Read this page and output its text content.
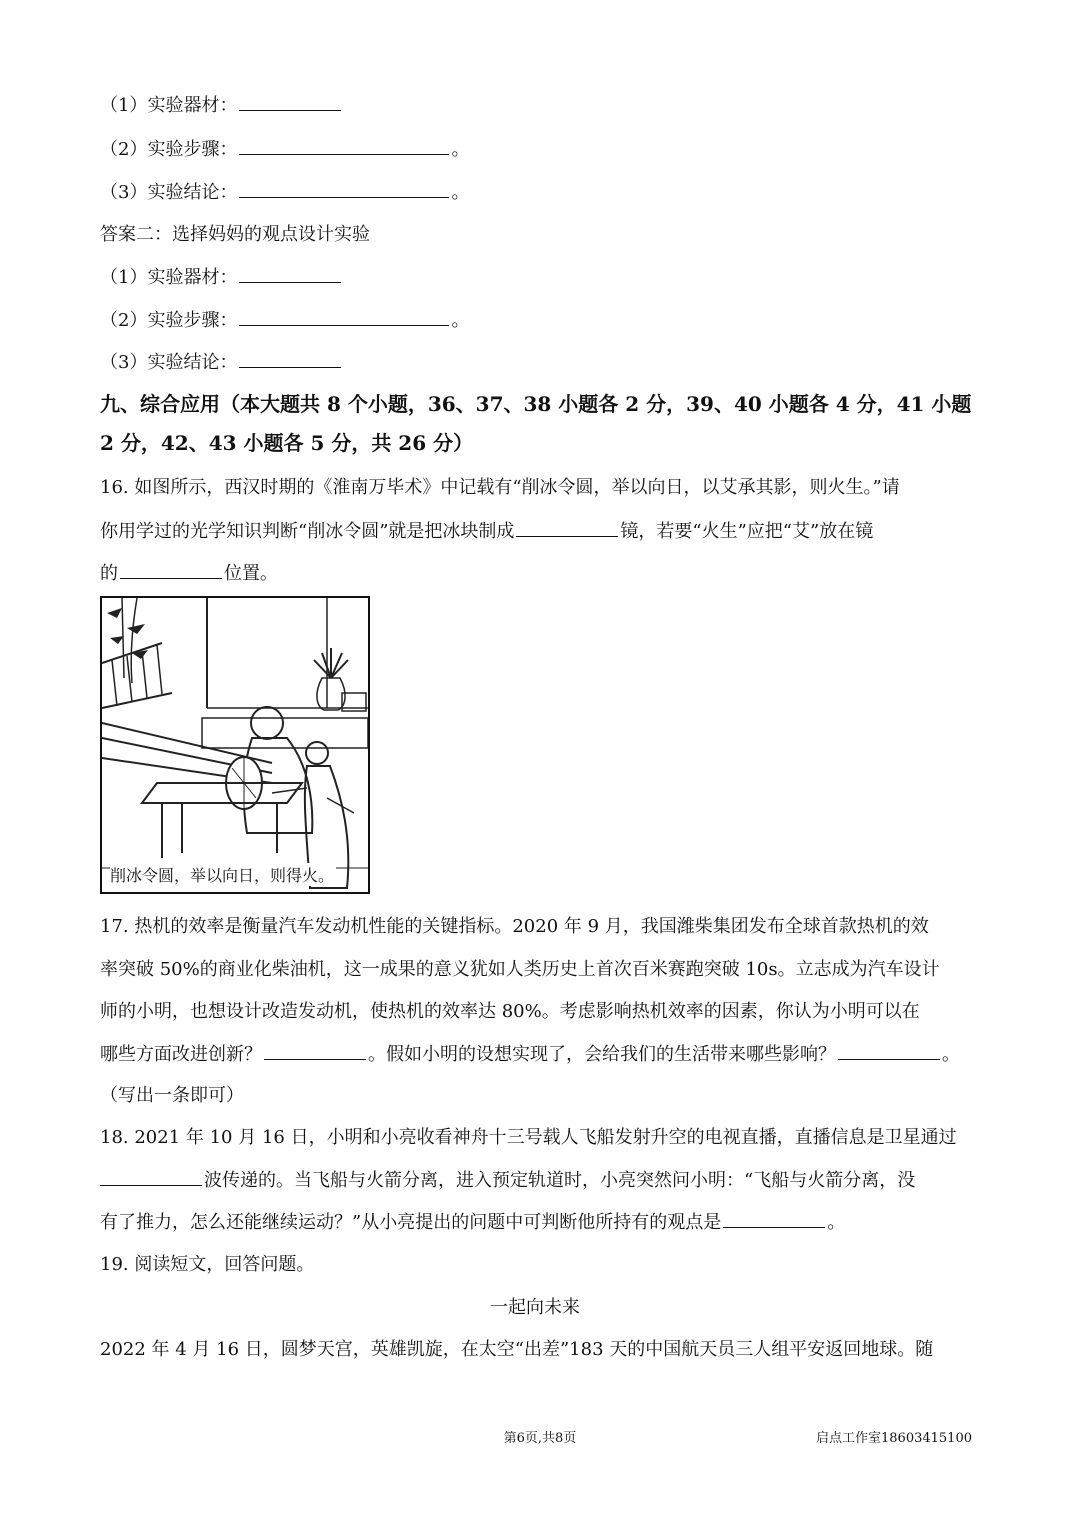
（1）实验器材：
（2）实验步骤：	。
（3）实验结论：	。
答案二：选择妈妈的观点设计实验
（1）实验器材：
（2）实验步骤：	。
（3）实验结论：
九、综合应用（本大题共 8 个小题，36、37、38 小题各 2 分，39、40 小题各 4 分，41 小题
2 分，42、43 小题各 5 分，共 26 分）
16. 如图所示，西汉时期的《淮南万毕术》中记载有“削冰令圆，举以向日，以艾承其影，则火生。”请
你用学过的光学知识判断“削冰令圆”就是把冰块制成	镜，若要“火生”应把“艾”放在镜
的	位置。
削冰令圆，举以向日，则得火。
17. 热机的效率是衡量汽车发动机性能的关键指标。2020 年 9 月，我国潍柴集团发布全球首款热机的效
率突破 50%的商业化柴油机，这一成果的意义犹如人类历史上首次百米赛跑突破 10s。立志成为汽车设计
师的小明，也想设计改造发动机，使热机的效率达 80%。考虑影响热机效率的因素，你认为小明可以在
哪些方面改进创新？	。假如小明的设想实现了，会给我们的生活带来哪些影响？	。
（写出一条即可）
18. 2021 年 10 月 16 日，小明和小亮收看神舟十三号载人飞船发射升空的电视直播，直播信息是卫星通过
波传递的。当飞船与火箭分离，进入预定轨道时，小亮突然问小明：“飞船与火箭分离，没
有了推力，怎么还能继续运动？”从小亮提出的问题中可判断他所持有的观点是	。
19. 阅读短文，回答问题。
一起向未来
2022 年 4 月 16 日，圆梦天宫，英雄凯旋，在太空“出差”183 天的中国航天员三人组平安返回地球。随
第6页,共8页	启点工作室18603415100
